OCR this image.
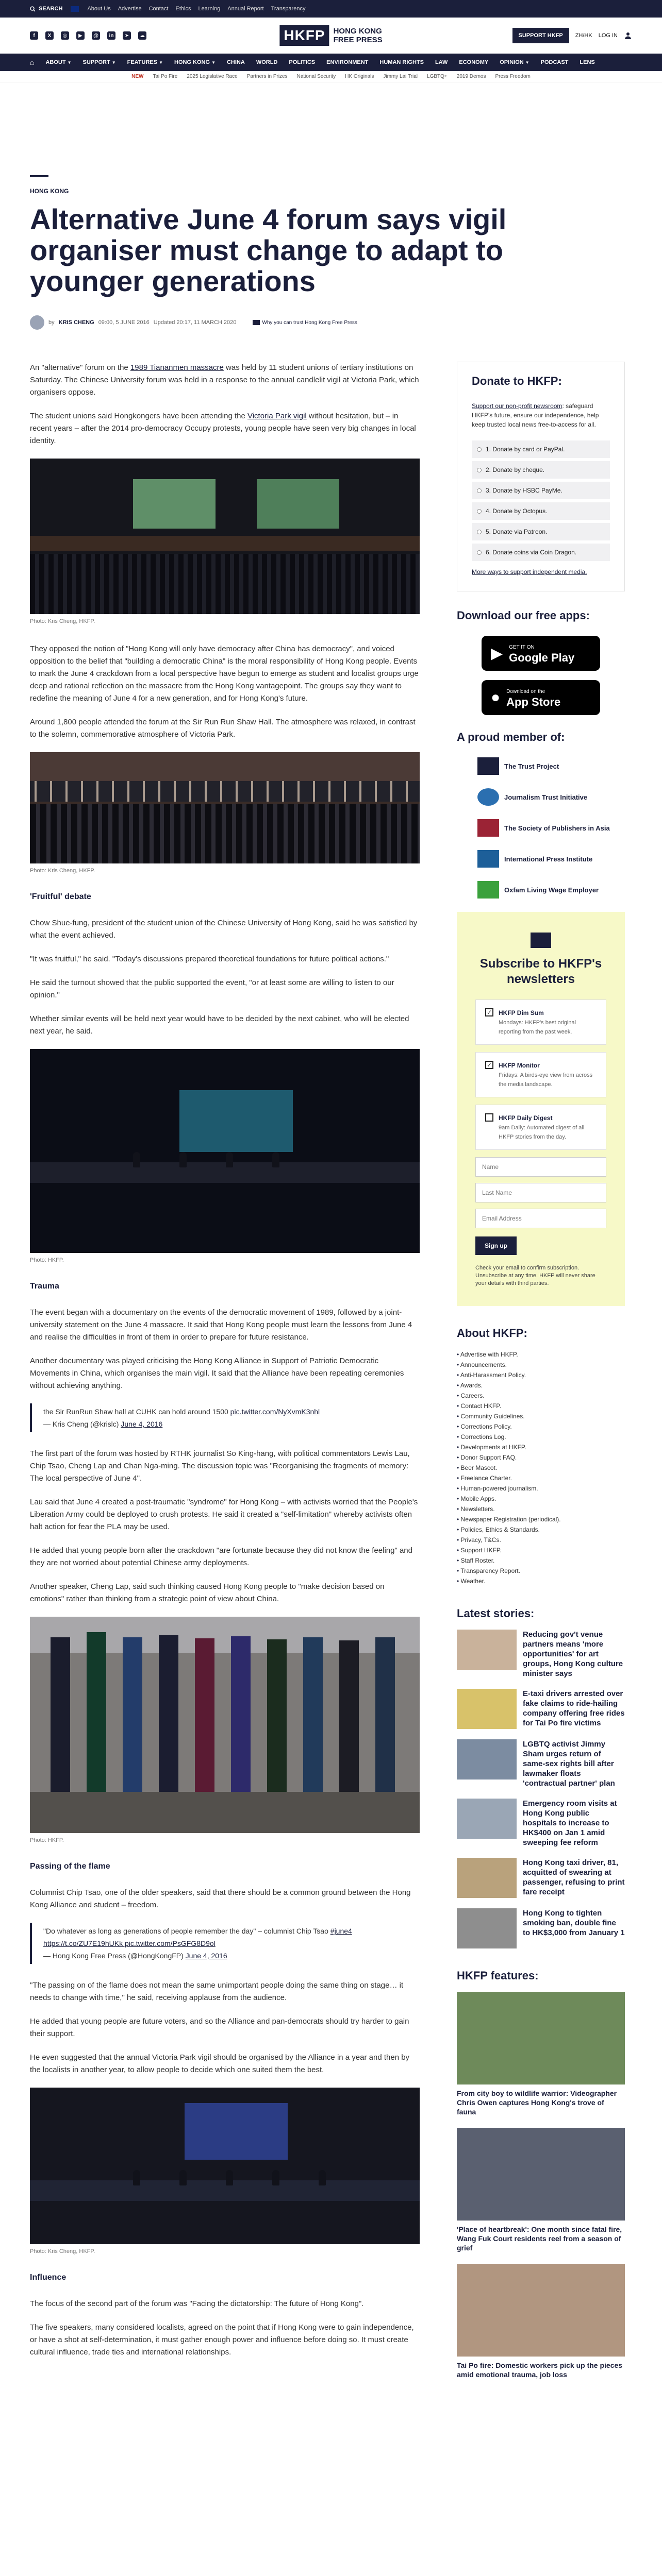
SEARCH	About Us Advertise Contact Ethics Learning Annual Report Transparency
f	X	◎	▶	@	in	➤	☁	HKFP	HONG KONG
FREE PRESS	SUPPORT HKFP	ZH/HK LOG IN
⌂ ABOUT ▼ SUPPORT ▼ FEATURES ▼ HONG KONG ▼ CHINA WORLD POLITICS ENVIRONMENT HUMAN RIGHTS LAW ECONOMY OPINION ▼ PODCAST LENS
NEW Tai Po Fire 2025 Legislative Race Partners in Prizes National Security HK Originals Jimmy Lai Trial LGBTQ+ 2019 Demos Press Freedom
HONG KONG
Alternative June 4 forum says vigil organiser must change to adapt to younger generations
by KRIS CHENG 09:00, 5 JUNE 2016 Updated 20:17, 11 MARCH 2020	Why you can trust Hong Kong Free Press

An "alternative" forum on the 1989 Tiananmen massacre was held by 11 student unions of tertiary institutions on Saturday. The Chinese University forum was held in a response to the annual candlelit vigil at Victoria Park, which organisers oppose.

The student unions said Hongkongers have been attending the Victoria Park vigil without hesitation, but – in recent years – after the 2014 pro-democracy Occupy protests, young people have seen very big changes in local identity.

Photo: Kris Cheng, HKFP.

They opposed the notion of "Hong Kong will only have democracy after China has democracy", and voiced opposition to the belief that "building a democratic China" is the moral responsibility of Hong Kong people. Events to mark the June 4 crackdown from a local perspective have begun to emerge as student and localist groups urge deep and rational reflection on the massacre from the Hong Kong vantagepoint. The groups say they want to redefine the meaning of June 4 for a new generation, and for Hong Kong's future.

Around 1,800 people attended the forum at the Sir Run Run Shaw Hall. The atmosphere was relaxed, in contrast to the solemn, commemorative atmosphere of Victoria Park.

Photo: Kris Cheng, HKFP.

'Fruitful' debate

Chow Shue-fung, president of the student union of the Chinese University of Hong Kong, said he was satisfied by what the event achieved.

"It was fruitful," he said. "Today's discussions prepared theoretical foundations for future political actions."

He said the turnout showed that the public supported the event, "or at least some are willing to listen to our opinion."

Whether similar events will be held next year would have to be decided by the next cabinet, who will be elected next year, he said.

Photo: HKFP.

Trauma

The event began with a documentary on the events of the democratic movement of 1989, followed by a joint-university statement on the June 4 massacre. It said that Hong Kong people must learn the lessons from June 4 and realise the difficulties in front of them in order to prepare for future resistance.

Another documentary was played criticising the Hong Kong Alliance in Support of Patriotic Democratic Movements in China, which organises the main vigil. It said that the Alliance have been repeating ceremonies without achieving anything.

the Sir RunRun Shaw hall at CUHK can hold around 1500 pic.twitter.com/NyXvmK3nhl
— Kris Cheng (@krislc) June 4, 2016

The first part of the forum was hosted by RTHK journalist So King-hang, with political commentators Lewis Lau, Chip Tsao, Cheng Lap and Chan Nga-ming. The discussion topic was "Reorganising the fragments of memory: The local perspective of June 4".

Lau said that June 4 created a post-traumatic "syndrome" for Hong Kong – with activists worried that the People's Liberation Army could be deployed to crush protests. He said it created a "self-limitation" whereby activists often halt action for fear the PLA may be used.

He added that young people born after the crackdown "are fortunate because they did not know the feeling" and they are not worried about potential Chinese army deployments.

Another speaker, Cheng Lap, said such thinking caused Hong Kong people to "make decision based on emotions" rather than thinking from a strategic point of view about China.

Photo: HKFP.

Passing of the flame

Columnist Chip Tsao, one of the older speakers, said that there should be a common ground between the Hong Kong Alliance and student – freedom.

"Do whatever as long as generations of people remember the day" – columnist Chip Tsao #june4 https://t.co/ZU7E19hUKk pic.twitter.com/PsGFG8D9ol
— Hong Kong Free Press (@HongKongFP) June 4, 2016

"The passing on of the flame does not mean the same unimportant people doing the same thing on stage… it needs to change with time," he said, receiving applause from the audience.

He added that young people are future voters, and so the Alliance and pan-democrats should try harder to gain their support.

He even suggested that the annual Victoria Park vigil should be organised by the Alliance in a year and then by the localists in another year, to allow people to decide which one suited them the best.

Photo: Kris Cheng, HKFP.

Influence

The focus of the second part of the forum was "Facing the dictatorship: The future of Hong Kong".

The five speakers, many considered localists, agreed on the point that if Hong Kong were to gain independence, or have a shot at self-determination, it must gather enough power and influence before doing so. It must create cultural influence, trade ties and international relationships.

Donate to HKFP:

Support our non-profit newsroom: safeguard HKFP's future, ensure our independence, help keep trusted local news free-to-access for all.

1. Donate by card or PayPal.
2. Donate by cheque.
3. Donate by HSBC PayMe.
4. Donate by Octopus.
5. Donate via Patreon.
6. Donate coins via Coin Dragon.
More ways to support independent media.
Download our free apps:
▶ GET IT ON
Google Play
● Download on the
App Store
A proud member of:
The Trust Project
Journalism Trust Initiative
The Society of Publishers in Asia
International Press Institute
Oxfam Living Wage Employer
Subscribe to HKFP's newsletters
✓ HKFP Dim Sum
Mondays: HKFP's best original reporting from the past week.
✓ HKFP Monitor
Fridays: A birds-eye view from across the media landscape.
HKFP Daily Digest
9am Daily: Automated digest of all HKFP stories from the day.
Name Last Name Email Address Sign up

Check your email to confirm subscription. Unsubscribe at any time. HKFP will never share your details with third parties.

About HKFP:
• Advertise with HKFP.
• Announcements.
• Anti-Harassment Policy.
• Awards.
• Careers.
• Contact HKFP.
• Community Guidelines.
• Corrections Policy.
• Corrections Log.
• Developments at HKFP.
• Donor Support FAQ.
• Beer Mascot.
• Freelance Charter.
• Human-powered journalism.
• Mobile Apps.
• Newsletters.
• Newspaper Registration (periodical).
• Policies, Ethics & Standards.
• Privacy, T&Cs.
• Support HKFP.
• Staff Roster.
• Transparency Report.
• Weather.
Latest stories:
Reducing gov't venue partners means 'more opportunities' for art groups, Hong Kong culture minister says
E-taxi drivers arrested over fake claims to ride-hailing company offering free rides for Tai Po fire victims
LGBTQ activist Jimmy Sham urges return of same-sex rights bill after lawmaker floats 'contractual partner' plan
Emergency room visits at Hong Kong public hospitals to increase to HK$400 on Jan 1 amid sweeping fee reform
Hong Kong taxi driver, 81, acquitted of swearing at passenger, refusing to print fare receipt
Hong Kong to tighten smoking ban, double fine to HK$3,000 from January 1
HKFP features:
From city boy to wildlife warrior: Videographer Chris Owen captures Hong Kong's trove of fauna
'Place of heartbreak': One month since fatal fire, Wang Fuk Court residents reel from a season of grief
Tai Po fire: Domestic workers pick up the pieces amid emotional trauma, job loss
